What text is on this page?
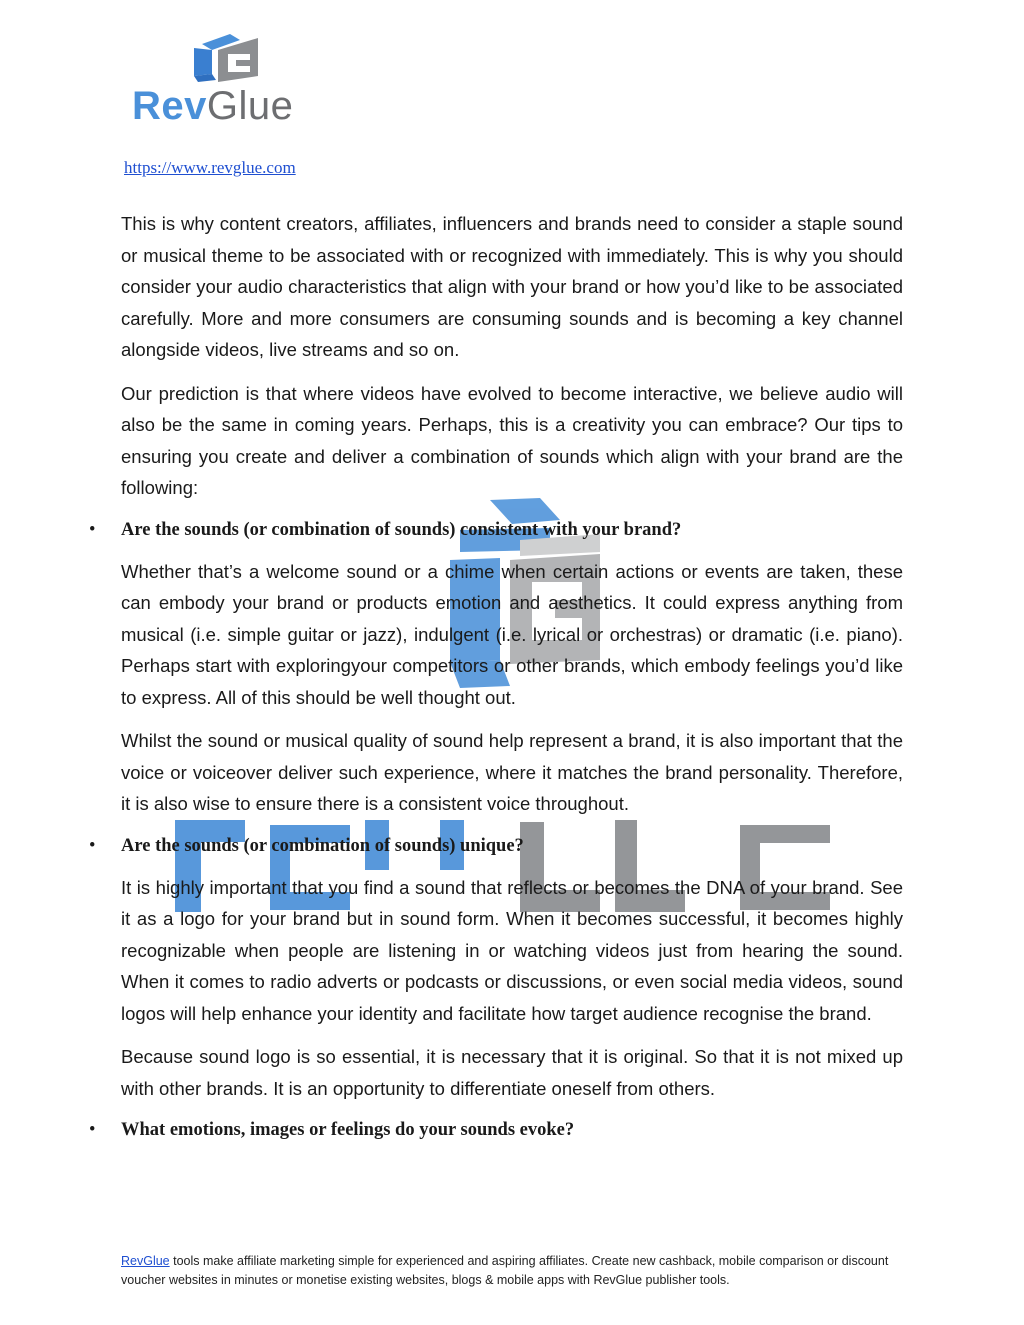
RevGlue
https://www.revglue.com

This is why content creators, affiliates, influencers and brands need to consider a staple sound or musical theme to be associated with or recognized with immediately. This is why you should consider your audio characteristics that align with your brand or how you’d like to be associated carefully. More and more consumers are consuming sounds and is becoming a key channel alongside videos, live streams and so on.

Our prediction is that where videos have evolved to become interactive, we believe audio will also be the same in coming years. Perhaps, this is a creativity you can embrace? Our tips to ensuring you create and deliver a combination of sounds which align with your brand are the following:

• Are the sounds (or combination of sounds) consistent with your brand?

Whether that’s a welcome sound or a chime when certain actions or events are taken, these can embody your brand or products emotion and aesthetics. It could express anything from musical (i.e. simple guitar or jazz), indulgent (i.e. lyrical or orchestras) or dramatic (i.e. piano). Perhaps start with exploringyour competitors or other brands, which embody feelings you’d like to express. All of this should be well thought out.

Whilst the sound or musical quality of sound help represent a brand, it is also important that the voice or voiceover deliver such experience, where it matches the brand personality. Therefore, it is also wise to ensure there is a consistent voice throughout.

• Are the sounds (or combination of sounds) unique?

It is highly important that you find a sound that reflects or becomes the DNA of your brand. See it as a logo for your brand but in sound form. When it becomes successful, it becomes highly recognizable when people are listening in or watching videos just from hearing the sound. When it comes to radio adverts or podcasts or discussions, or even social media videos, sound logos will help enhance your identity and facilitate how target audience recognise the brand.

Because sound logo is so essential, it is necessary that it is original. So that it is not mixed up with other brands. It is an opportunity to differentiate oneself from others.

• What emotions, images or feelings do your sounds evoke?
RevGlue tools make affiliate marketing simple for experienced and aspiring affiliates. Create new cashback, mobile comparison or discount voucher websites in minutes or monetise existing websites, blogs & mobile apps with RevGlue publisher tools.
